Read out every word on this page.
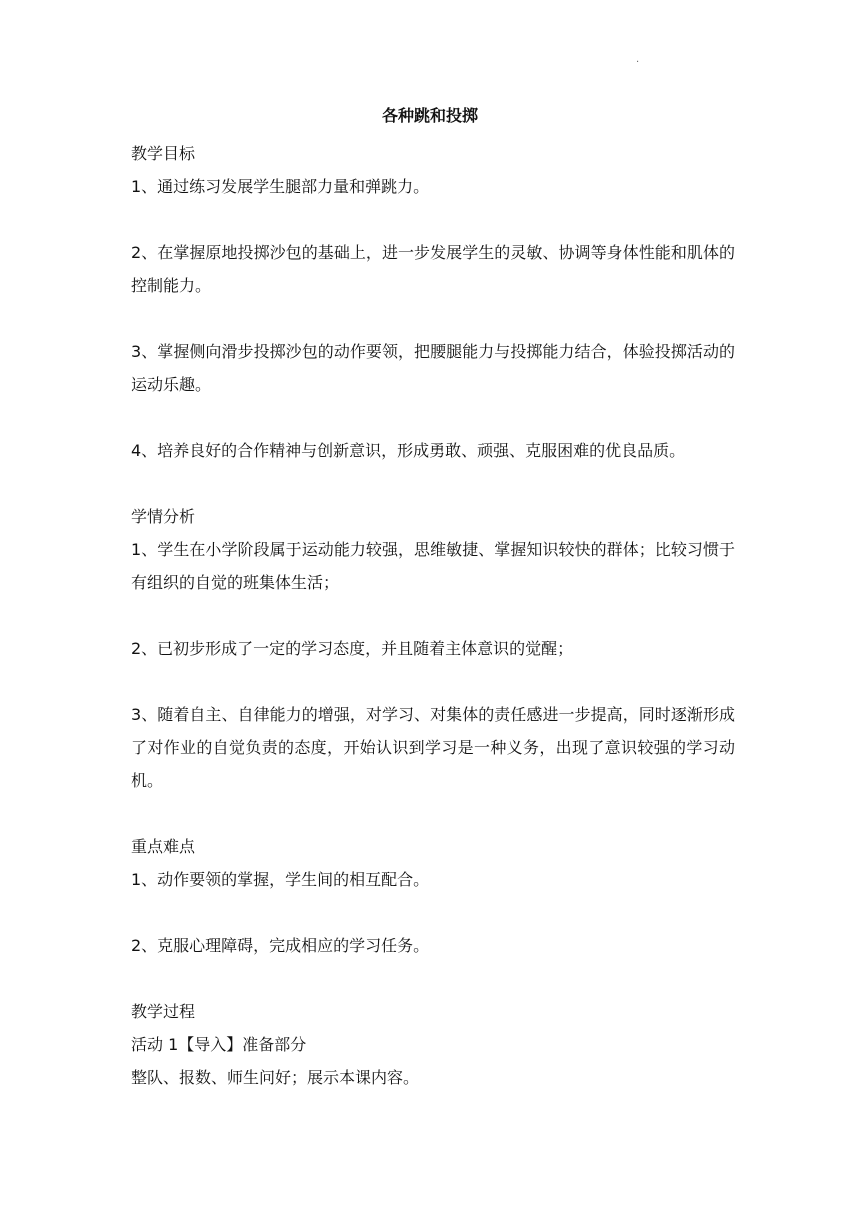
·
各种跳和投掷

教学目标

1、通过练习发展学生腿部力量和弹跳力。

2、在掌握原地投掷沙包的基础上，进一步发展学生的灵敏、协调等身体性能和肌体的控制能力。

3、掌握侧向滑步投掷沙包的动作要领，把腰腿能力与投掷能力结合，体验投掷活动的运动乐趣。

4、培养良好的合作精神与创新意识，形成勇敢、顽强、克服困难的优良品质。

学情分析

1、学生在小学阶段属于运动能力较强，思维敏捷、掌握知识较快的群体；比较习惯于有组织的自觉的班集体生活；

2、已初步形成了一定的学习态度，并且随着主体意识的觉醒；

3、随着自主、自律能力的增强，对学习、对集体的责任感进一步提高，同时逐渐形成了对作业的自觉负责的态度，开始认识到学习是一种义务，出现了意识较强的学习动机。

重点难点

1、动作要领的掌握，学生间的相互配合。

2、克服心理障碍，完成相应的学习任务。

教学过程

活动 1【导入】准备部分

整队、报数、师生问好；展示本课内容。
